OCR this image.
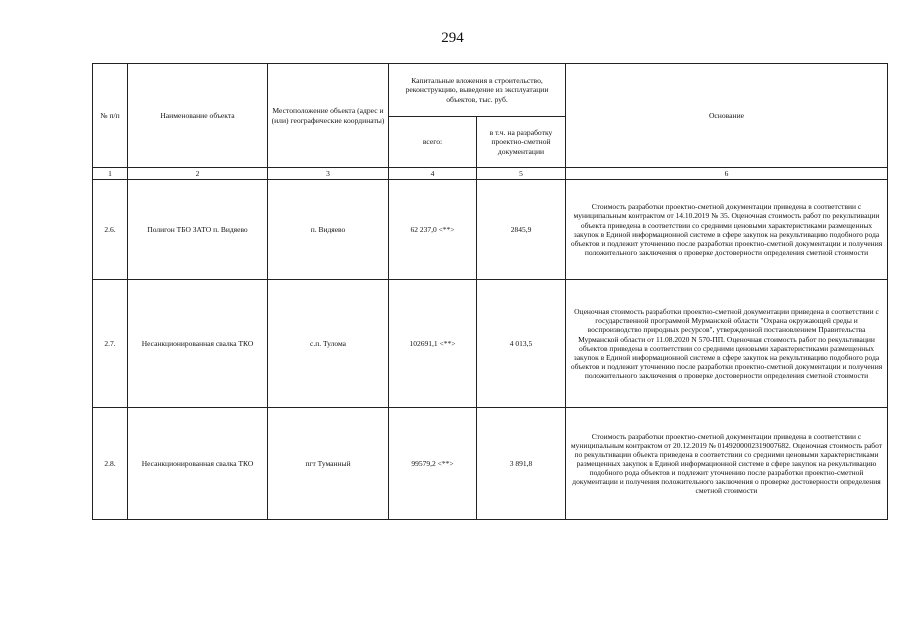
294
№ п/п	Наименование объекта	Местоположение объекта (адрес и (или) географические координаты)	Капитальные вложения в строительство, реконструкцию, выведение из эксплуатации объектов, тыс. руб.		Основание
			всего:	в т.ч. на разработку проектно-сметной документации	
1	2	3	4	5	6
2.6.	Полигон ТБО ЗАТО п. Видяево	п. Видяево	62 237,0 <**>	2845,9	Стоимость разработки проектно-сметной документации приведена в соответствии с муниципальным контрактом от 14.10.2019 № 35. Оценочная стоимость работ по рекультивации объекта приведена в соответствии со средними ценовыми характеристиками размещенных закупок в Единой информационной системе в сфере закупок на рекультивацию подобного рода объектов и подлежит уточнению после разработки проектно-сметной документации и получения положительного заключения о проверке достоверности определения сметной стоимости
2.7.	Несанкционированная свалка ТКО	с.п. Тулома	102691,1 <**>	4 013,5	Оценочная стоимость разработки проектно-сметной документации приведена в соответствии с государственной программой Мурманской области "Охрана окружающей среды и воспроизводство природных ресурсов", утвержденной постановлением Правительства Мурманской области от 11.08.2020 N 570-ПП. Оценочная стоимость работ по рекультивации объектов приведена в соответствии со средними ценовыми характеристиками размещенных закупок в Единой информационной системе в сфере закупок на рекультивацию подобного рода объектов и подлежит уточнению после разработки проектно-сметной документации и получения положительного заключения о проверке достоверности определения сметной стоимости
2.8.	Несанкционированная свалка ТКО	пгт Туманный	99579,2 <**>	3 891,8	Стоимость разработки проектно-сметной документации приведена в соответствии с муниципальным контрактом от 20.12.2019 № 0149200002319007682. Оценочная стоимость работ по рекультивации объекта приведена в соответствии со средними ценовыми характеристиками размещенных закупок в Единой информационной системе в сфере закупок на рекультивацию подобного рода объектов и подлежит уточнению после разработки проектно-сметной документации и получения положительного заключения о проверке достоверности определения сметной стоимости
